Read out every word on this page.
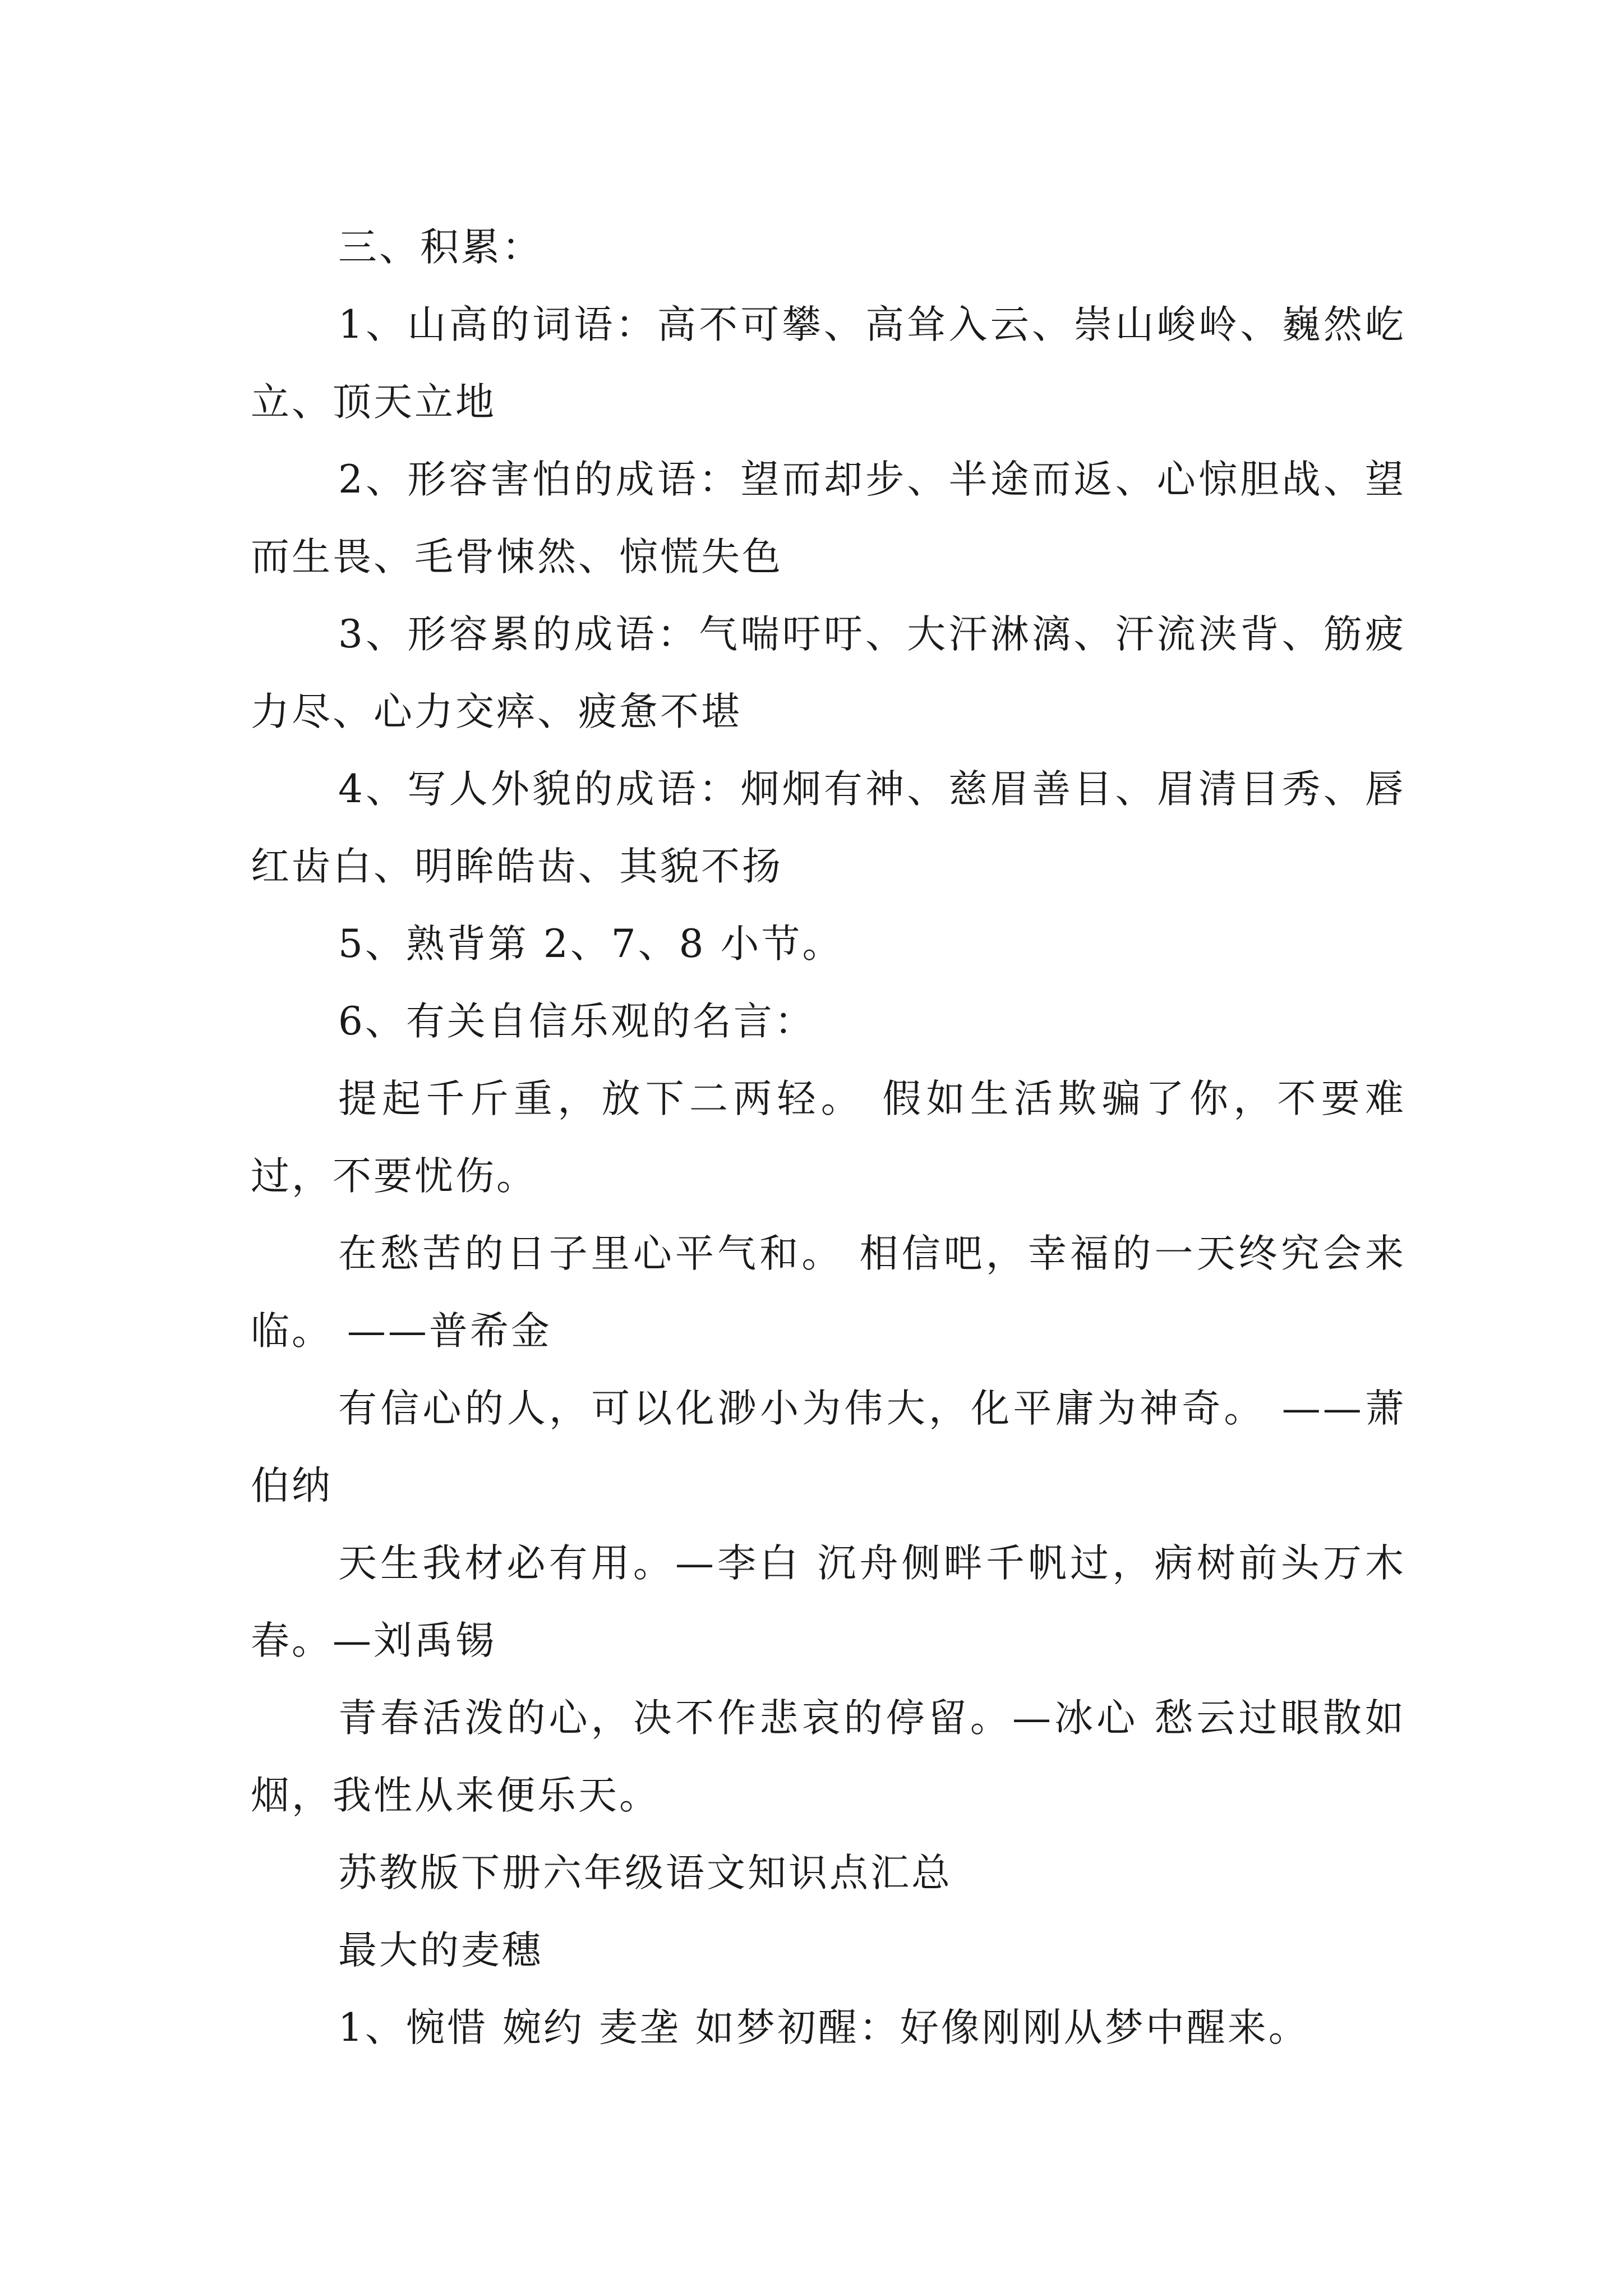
三、积累：

1、山高的词语：高不可攀、高耸入云、崇山峻岭、巍然屹立、顶天立地

2、形容害怕的成语：望而却步、半途而返、心惊胆战、望而生畏、毛骨悚然、惊慌失色

3、形容累的成语：气喘吁吁、大汗淋漓、汗流浃背、筋疲力尽、心力交瘁、疲惫不堪

4、写人外貌的成语：炯炯有神、慈眉善目、眉清目秀、唇红齿白、明眸皓齿、其貌不扬

5、熟背第 2、7、8 小节。

6、有关自信乐观的名言：

提起千斤重，放下二两轻。 假如生活欺骗了你，不要难过，不要忧伤。

在愁苦的日子里心平气和。 相信吧，幸福的一天终究会来临。 ——普希金

有信心的人，可以化渺小为伟大，化平庸为神奇。 ——萧伯纳

天生我材必有用。—李白 沉舟侧畔千帆过，病树前头万木春。—刘禹锡

青春活泼的心，决不作悲哀的停留。—冰心 愁云过眼散如烟，我性从来便乐天。

苏教版下册六年级语文知识点汇总

最大的麦穗

1、惋惜 婉约 麦垄 如梦初醒：好像刚刚从梦中醒来。
